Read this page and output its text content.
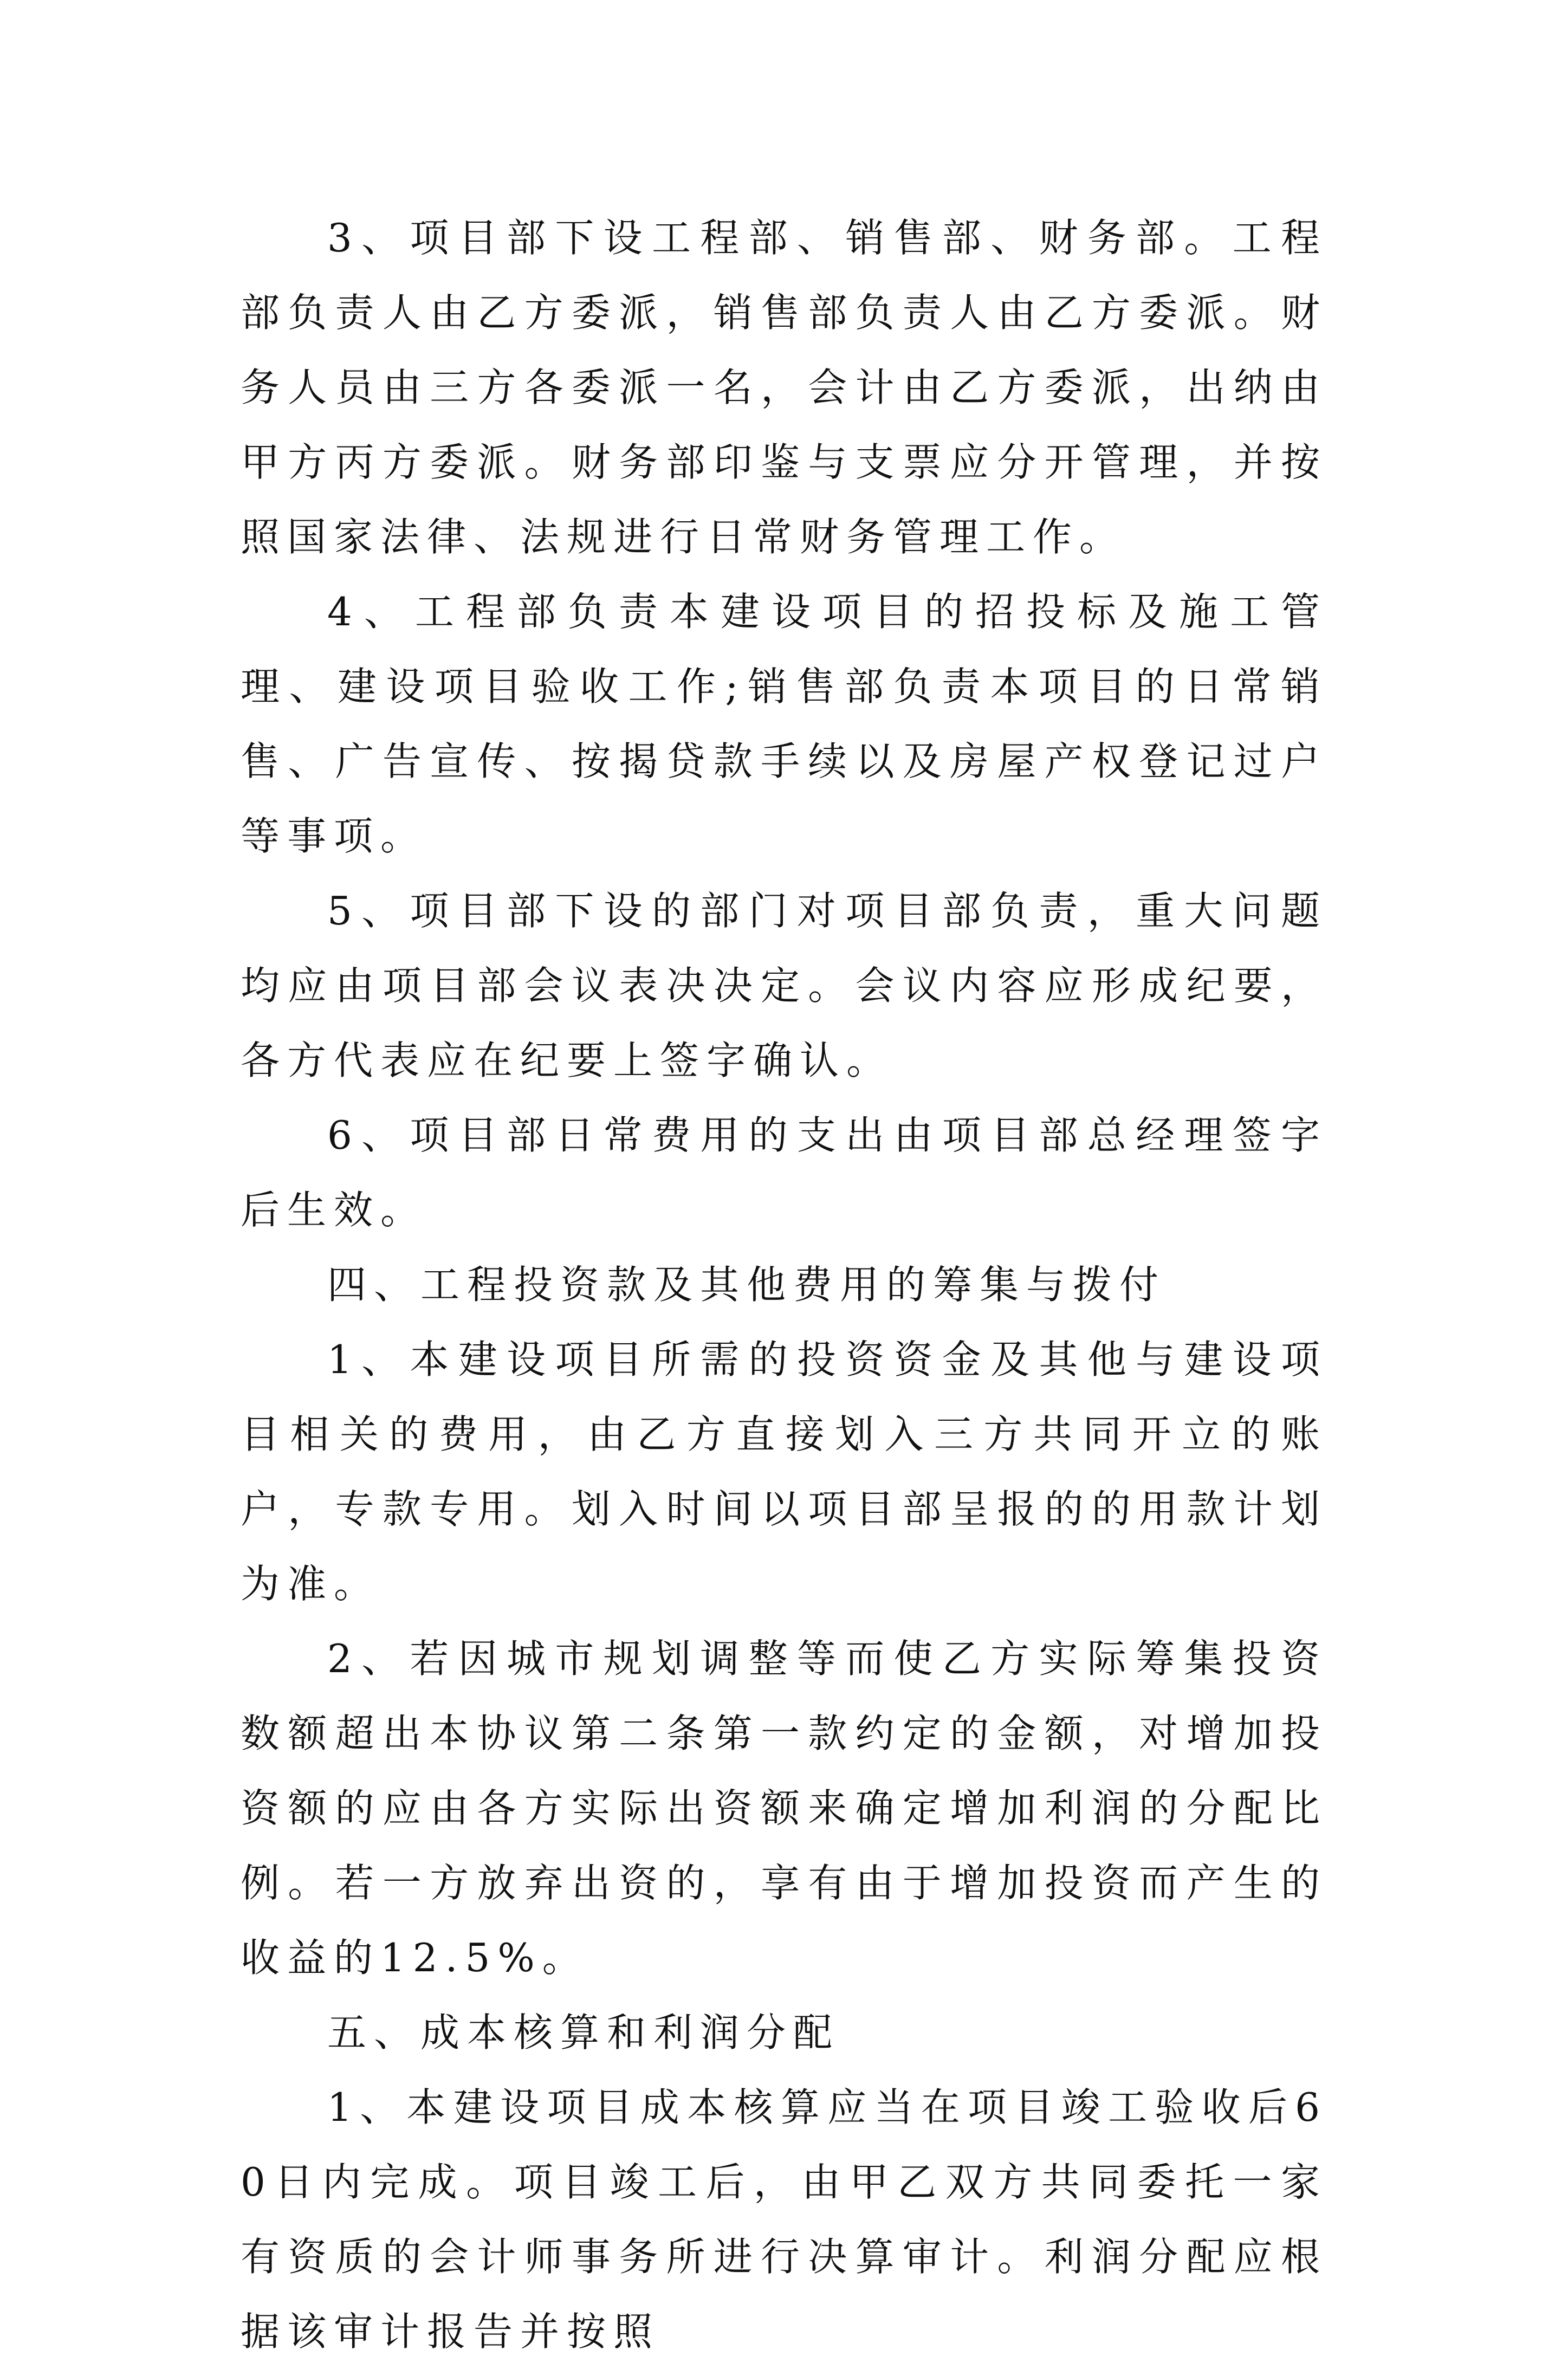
3、项目部下设工程部、销售部、财务部。工程部负责人由乙方委派，销售部负责人由乙方委派。财务人员由三方各委派一名，会计由乙方委派，出纳由甲方丙方委派。财务部印鉴与支票应分开管理，并按照国家法律、法规进行日常财务管理工作。

4、工程部负责本建设项目的招投标及施工管理、建设项目验收工作;销售部负责本项目的日常销售、广告宣传、按揭贷款手续以及房屋产权登记过户等事项。

5、项目部下设的部门对项目部负责，重大问题均应由项目部会议表决决定。会议内容应形成纪要，各方代表应在纪要上签字确认。

6、项目部日常费用的支出由项目部总经理签字后生效。

四、工程投资款及其他费用的筹集与拨付

1、本建设项目所需的投资资金及其他与建设项目相关的费用，由乙方直接划入三方共同开立的账户，专款专用。划入时间以项目部呈报的的用款计划为准。

2、若因城市规划调整等而使乙方实际筹集投资数额超出本协议第二条第一款约定的金额，对增加投资额的应由各方实际出资额来确定增加利润的分配比例。若一方放弃出资的，享有由于增加投资而产生的收益的12.5%。

五、成本核算和利润分配

1、本建设项目成本核算应当在项目竣工验收后60日内完成。项目竣工后，由甲乙双方共同委托一家有资质的会计师事务所进行决算审计。利润分配应根据该审计报告并按照
